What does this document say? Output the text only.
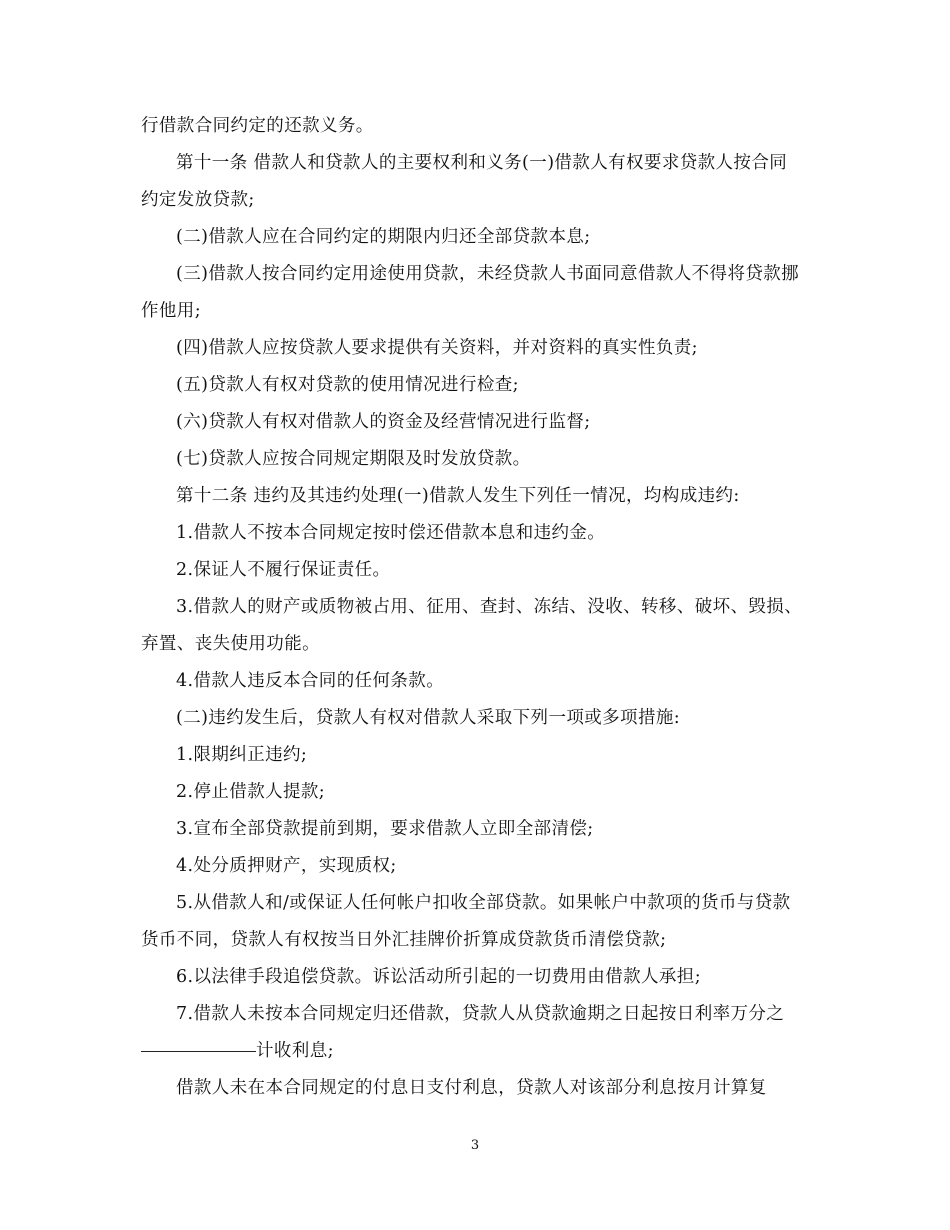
行借款合同约定的还款义务。

第十一条 借款人和贷款人的主要权利和义务(一)借款人有权要求贷款人按合同约定发放贷款;

(二)借款人应在合同约定的期限内归还全部贷款本息;

(三)借款人按合同约定用途使用贷款，未经贷款人书面同意借款人不得将贷款挪作他用;

(四)借款人应按贷款人要求提供有关资料，并对资料的真实性负责;

(五)贷款人有权对贷款的使用情况进行检查;

(六)贷款人有权对借款人的资金及经营情况进行监督;

(七)贷款人应按合同规定期限及时发放贷款。

第十二条 违约及其违约处理(一)借款人发生下列任一情况，均构成违约:

1.借款人不按本合同规定按时偿还借款本息和违约金。

2.保证人不履行保证责任。

3.借款人的财产或质物被占用、征用、查封、冻结、没收、转移、破坏、毁损、弃置、丧失使用功能。

4.借款人违反本合同的任何条款。

(二)违约发生后，贷款人有权对借款人采取下列一项或多项措施:

1.限期纠正违约;

2.停止借款人提款;

3.宣布全部贷款提前到期，要求借款人立即全部清偿;

4.处分质押财产，实现质权;

5.从借款人和/或保证人任何帐户扣收全部贷款。如果帐户中款项的货币与贷款货币不同，贷款人有权按当日外汇挂牌价折算成贷款货币清偿贷款;

6.以法律手段追偿贷款。诉讼活动所引起的一切费用由借款人承担;

7.借款人未按本合同规定归还借款，贷款人从贷款逾期之日起按日利率万分之计收利息;

借款人未在本合同规定的付息日支付利息，贷款人对该部分利息按月计算复

3
